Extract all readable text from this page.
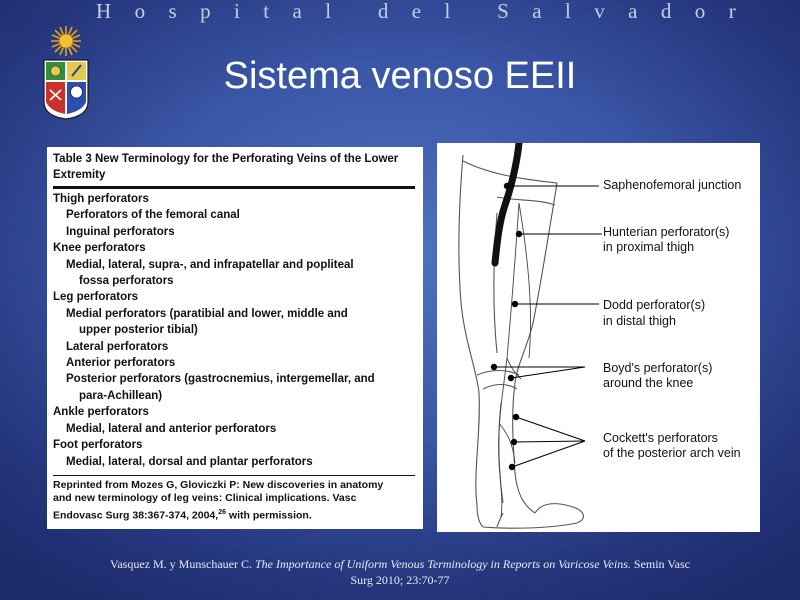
H o s p i t a l d e l S a l v a d o r
Sistema venoso EEII
Table 3 New Terminology for the Perforating Veins of the Lower Extremity
Thigh perforators
Perforators of the femoral canal
Inguinal perforators
Knee perforators
Medial, lateral, supra-, and infrapatellar and popliteal
fossa perforators
Leg perforators
Medial perforators (paratibial and lower, middle and
upper posterior tibial)
Lateral perforators
Anterior perforators
Posterior perforators (gastrocnemius, intergemellar, and
para-Achillean)
Ankle perforators
Medial, lateral and anterior perforators
Foot perforators
Medial, lateral, dorsal and plantar perforators
Reprinted from Mozes G, Gloviczki P: New discoveries in anatomy
and new terminology of leg veins: Clinical implications. Vasc
Endovasc Surg 38:367-374, 2004,26 with permission.
Saphenofemoral junction
Hunterian perforator(s)
in proximal thigh
Dodd perforator(s)
in distal thigh
Boyd's perforator(s)
around the knee
Cockett's perforators
of the posterior arch vein
Vasquez M. y Munschauer C. The Importance of Uniform Venous Terminology in Reports on Varicose Veins. Semin Vasc
Surg 2010; 23:70-77
